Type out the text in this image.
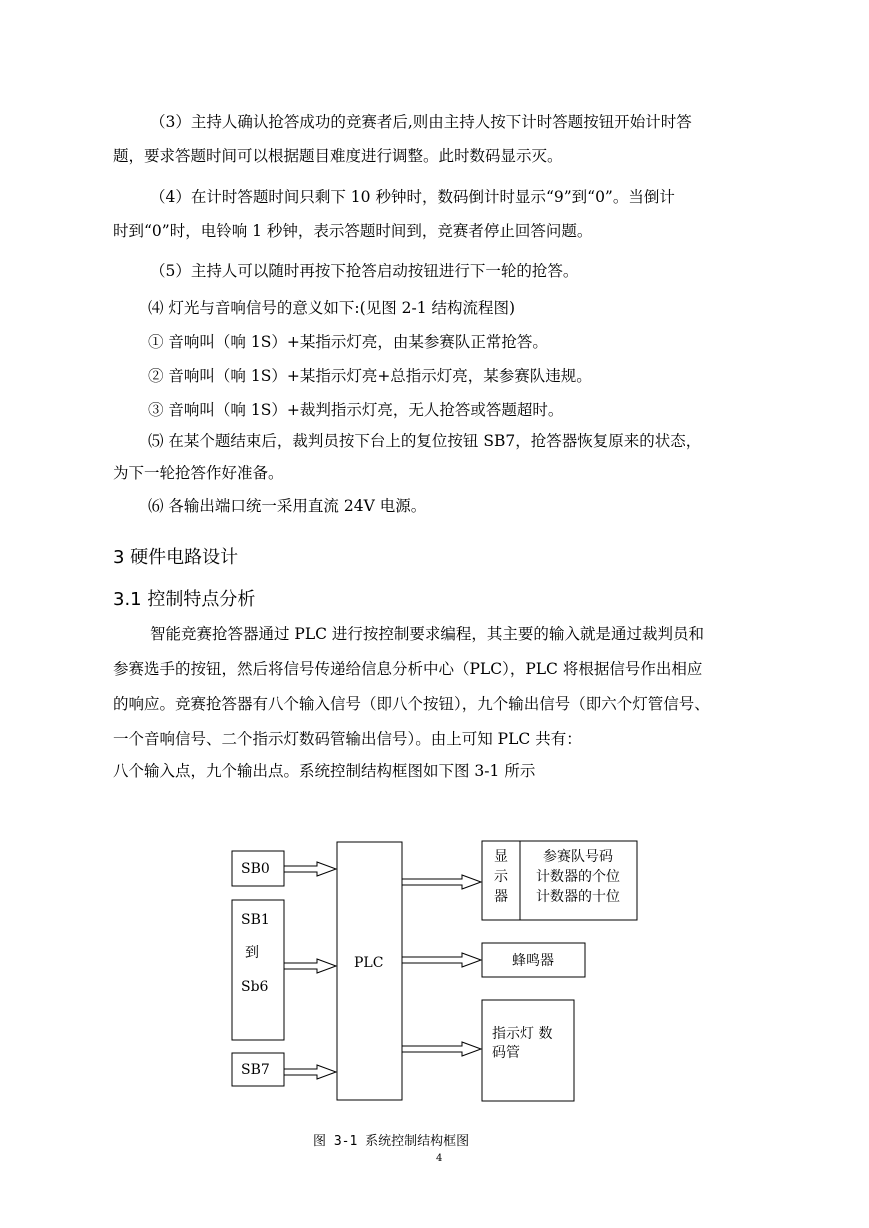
（3）主持人确认抢答成功的竞赛者后,则由主持人按下计时答题按钮开始计时答
题，要求答题时间可以根据题目难度进行调整。此时数码显示灭。
（4）在计时答题时间只剩下 10 秒钟时，数码倒计时显示“9”到“0”。当倒计
时到“0”时，电铃响 1 秒钟，表示答题时间到，竞赛者停止回答问题。
（5）主持人可以随时再按下抢答启动按钮进行下一轮的抢答。
⑷ 灯光与音响信号的意义如下:(见图 2-1 结构流程图)
① 音响叫（响 1S）+某指示灯亮，由某参赛队正常抢答。
② 音响叫（响 1S）+某指示灯亮+总指示灯亮，某参赛队违规。
③ 音响叫（响 1S）+裁判指示灯亮，无人抢答或答题超时。
⑸ 在某个题结束后，裁判员按下台上的复位按钮 SB7，抢答器恢复原来的状态，
为下一轮抢答作好准备。
⑹ 各输出端口统一采用直流 24V 电源。
3 硬件电路设计
3.1 控制特点分析
智能竞赛抢答器通过 PLC 进行按控制要求编程，其主要的输入就是通过裁判员和
参赛选手的按钮，然后将信号传递给信息分析中心（PLC），PLC 将根据信号作出相应
的响应。竞赛抢答器有八个输入信号（即八个按钮），九个输出信号（即六个灯管信号、
一个音响信号、二个指示灯数码管输出信号）。由上可知 PLC 共有：
八个输入点，九个输出点。系统控制结构框图如下图 3-1 所示
SB0
SB1
到
Sb6
SB7
PLC
显
示
器
参赛队号码
计数器的个位
计数器的十位
蜂鸣器
指示灯 数
码管
图 3-1 系统控制结构框图
4
